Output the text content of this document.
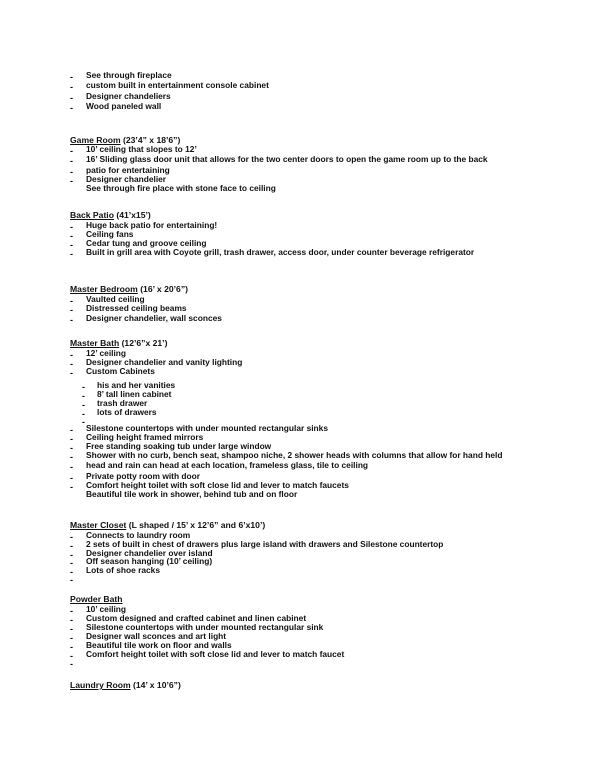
- See through fireplace
- custom built in entertainment console cabinet
- Designer chandeliers
- Wood paneled wall
Game Room (23’4” x 18’6”)
- 10’ ceiling that slopes to 12’
- 16’ Sliding glass door unit that allows for the two center doors to open the game room up to the back
- patio for entertaining
- Designer chandelier
See through fire place with stone face to ceiling
Back Patio (41’x15’)
- Huge back patio for entertaining!
- Ceiling fans
- Cedar tung and groove ceiling
- Built in grill area with Coyote grill, trash drawer, access door, under counter beverage refrigerator
Master Bedroom (16’ x 20’6”)
- Vaulted ceiling
- Distressed ceiling beams
- Designer chandelier, wall sconces
Master Bath (12’6”x 21’)
- 12’ ceiling
- Designer chandelier and vanity lighting
- Custom Cabinets
- his and her vanities
- 8’ tall linen cabinet
- trash drawer
- lots of drawers
-
- Silestone countertops with under mounted rectangular sinks
- Ceiling height framed mirrors
- Free standing soaking tub under large window
- Shower with no curb, bench seat, shampoo niche, 2 shower heads with columns that allow for hand held
- head and rain can head at each location, frameless glass, tile to ceiling
- Private potty room with door
- Comfort height toilet with soft close lid and lever to match faucets
Beautiful tile work in shower, behind tub and on floor
Master Closet (L shaped / 15’ x 12’6” and 6’x10’)
- Connects to laundry room
- 2 sets of built in chest of drawers plus large island with drawers and Silestone countertop
- Designer chandelier over island
- Off season hanging (10’ ceiling)
- Lots of shoe racks
-
Powder Bath
- 10’ ceiling
- Custom designed and crafted cabinet and linen cabinet
- Silestone countertops with under mounted rectangular sink
- Designer wall sconces and art light
- Beautiful tile work on floor and walls
- Comfort height toilet with soft close lid and lever to match faucet
-
Laundry Room (14’ x 10’6”)
